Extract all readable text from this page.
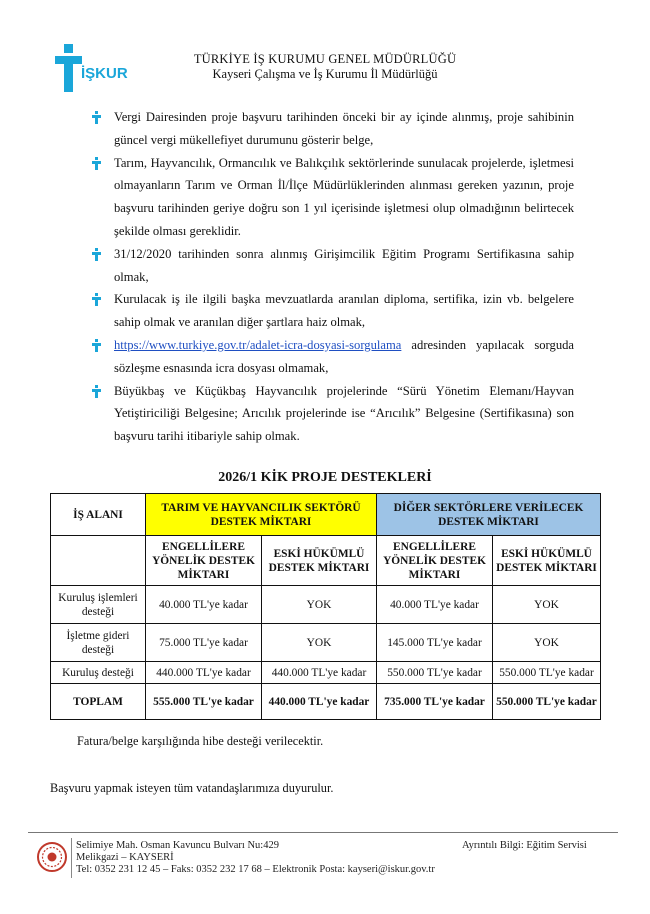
İŞKUR
TÜRKİYE İŞ KURUMU GENEL MÜDÜRLÜĞÜ
Kayseri Çalışma ve İş Kurumu İl Müdürlüğü
Vergi Dairesinden proje başvuru tarihinden önceki bir ay içinde alınmış, proje sahibinin güncel vergi mükellefiyet durumunu gösterir belge,
Tarım, Hayvancılık, Ormancılık ve Balıkçılık sektörlerinde sunulacak projelerde, işletmesi olmayanların Tarım ve Orman İl/İlçe Müdürlüklerinden alınması gereken yazının, proje başvuru tarihinden geriye doğru son 1 yıl içerisinde işletmesi olup olmadığının belirtecek şekilde olması gereklidir.
31/12/2020 tarihinden sonra alınmış Girişimcilik Eğitim Programı Sertifikasına sahip olmak,
Kurulacak iş ile ilgili başka mevzuatlarda aranılan diploma, sertifika, izin vb. belgelere sahip olmak ve aranılan diğer şartlara haiz olmak,
https://www.turkiye.gov.tr/adalet-icra-dosyasi-sorgulama adresinden yapılacak sorguda sözleşme esnasında icra dosyası olmamak,
Büyükbaş ve Küçükbaş Hayvancılık projelerinde “Sürü Yönetim Elemanı/Hayvan Yetiştiriciliği Belgesine; Arıcılık projelerinde ise “Arıcılık” Belgesine (Sertifikasına) son başvuru tarihi itibariyle sahip olmak.
2026/1 KİK PROJE DESTEKLERİ
İŞ ALANI	TARIM VE HAYVANCILIK SEKTÖRÜ DESTEK MİKTARI		DİĞER SEKTÖRLERE VERİLECEK DESTEK MİKTARI	
	ENGELLİLERE YÖNELİK DESTEK MİKTARI	ESKİ HÜKÜMLÜ DESTEK MİKTARI	ENGELLİLERE YÖNELİK DESTEK MİKTARI	ESKİ HÜKÜMLÜ DESTEK MİKTARI
Kuruluş işlemleri desteği	40.000 TL'ye kadar	YOK	40.000 TL'ye kadar	YOK
İşletme gideri desteği	75.000 TL'ye kadar	YOK	145.000 TL'ye kadar	YOK
Kuruluş desteği	440.000 TL'ye kadar	440.000 TL'ye kadar	550.000 TL'ye kadar	550.000 TL'ye kadar
TOPLAM	555.000 TL'ye kadar	440.000 TL'ye kadar	735.000 TL'ye kadar	550.000 TL'ye kadar
Fatura/belge karşılığında hibe desteği verilecektir.
Başvuru yapmak isteyen tüm vatandaşlarımıza duyurulur.
Selimiye Mah. Osman Kavuncu Bulvarı Nu:429
Melikgazi – KAYSERİ
Tel: 0352 231 12 45 – Faks: 0352 232 17 68 – Elektronik Posta: kayseri@iskur.gov.tr
Ayrıntılı Bilgi: Eğitim Servisi
